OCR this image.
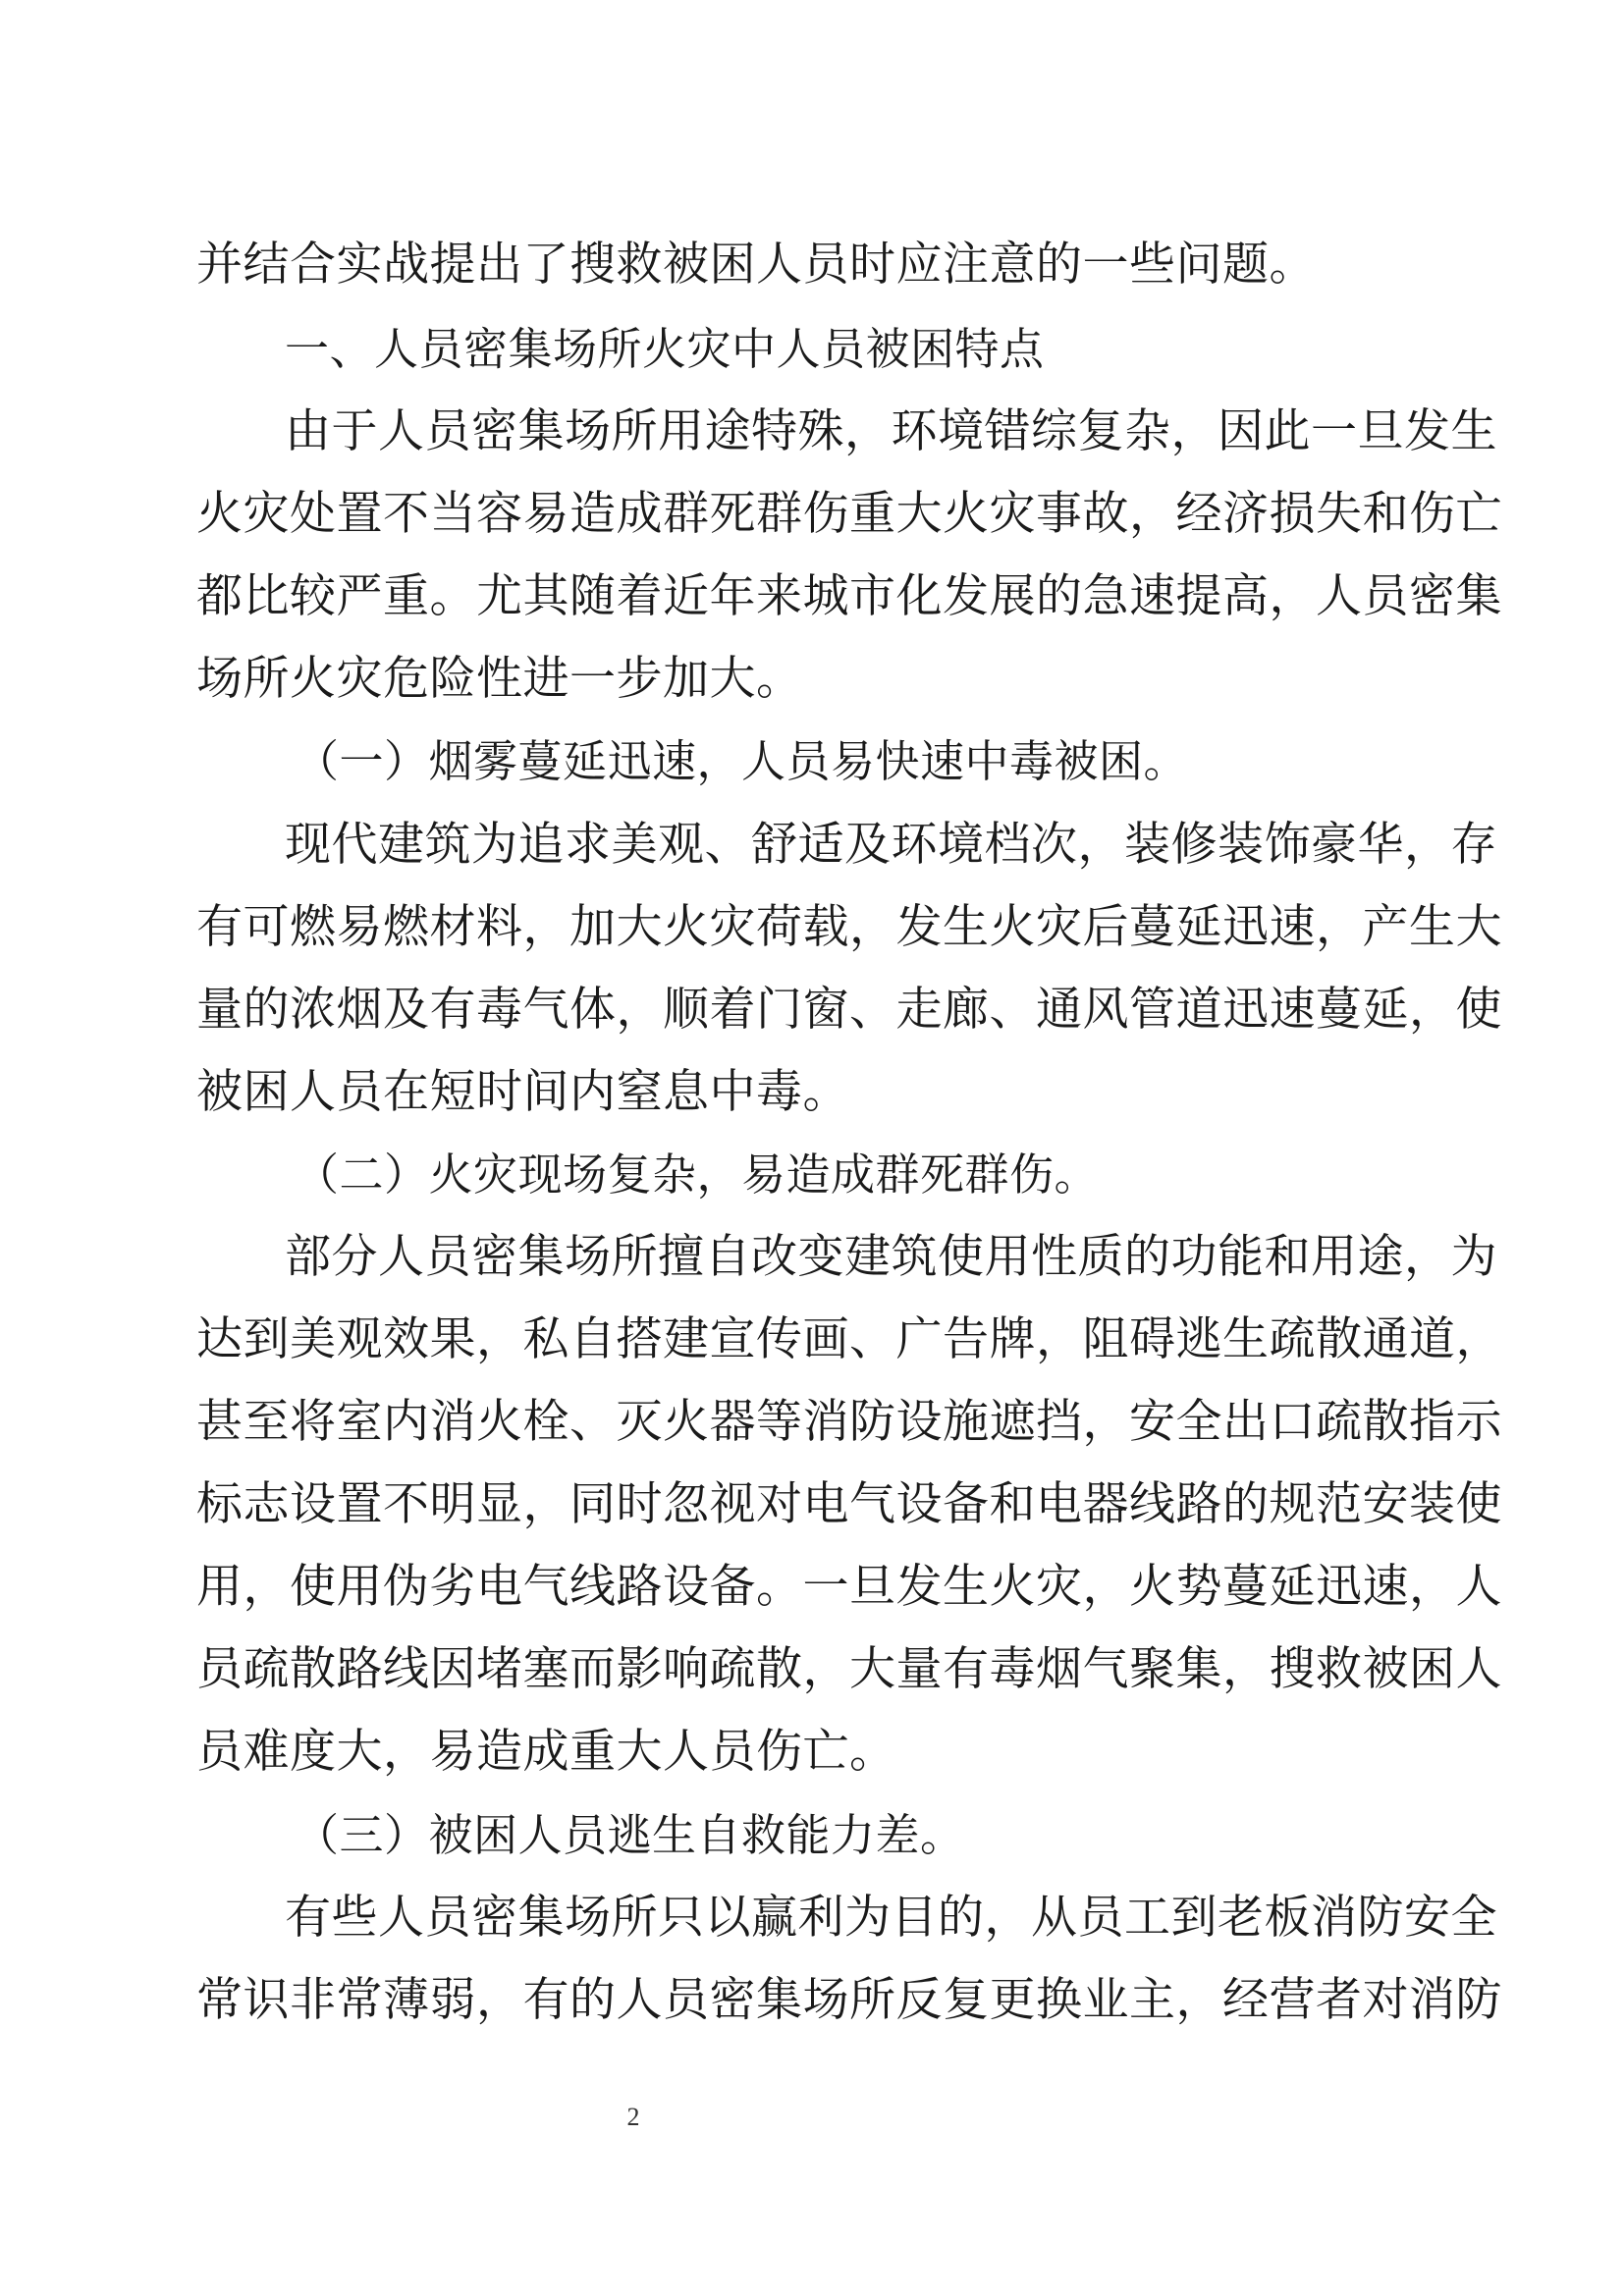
并结合实战提出了搜救被困人员时应注意的一些问题。
一、人员密集场所火灾中人员被困特点
由于人员密集场所用途特殊，环境错综复杂，因此一旦发生
火灾处置不当容易造成群死群伤重大火灾事故，经济损失和伤亡
都比较严重。尤其随着近年来城市化发展的急速提高，人员密集
场所火灾危险性进一步加大。
（一）烟雾蔓延迅速，人员易快速中毒被困。
现代建筑为追求美观、舒适及环境档次，装修装饰豪华，存
有可燃易燃材料，加大火灾荷载，发生火灾后蔓延迅速，产生大
量的浓烟及有毒气体，顺着门窗、走廊、通风管道迅速蔓延，使
被困人员在短时间内窒息中毒。
（二）火灾现场复杂，易造成群死群伤。
部分人员密集场所擅自改变建筑使用性质的功能和用途，为
达到美观效果，私自搭建宣传画、广告牌，阻碍逃生疏散通道，
甚至将室内消火栓、灭火器等消防设施遮挡，安全出口疏散指示
标志设置不明显，同时忽视对电气设备和电器线路的规范安装使
用，使用伪劣电气线路设备。一旦发生火灾，火势蔓延迅速，人
员疏散路线因堵塞而影响疏散，大量有毒烟气聚集，搜救被困人
员难度大，易造成重大人员伤亡。
（三）被困人员逃生自救能力差。
有些人员密集场所只以赢利为目的，从员工到老板消防安全
常识非常薄弱，有的人员密集场所反复更换业主，经营者对消防
2
